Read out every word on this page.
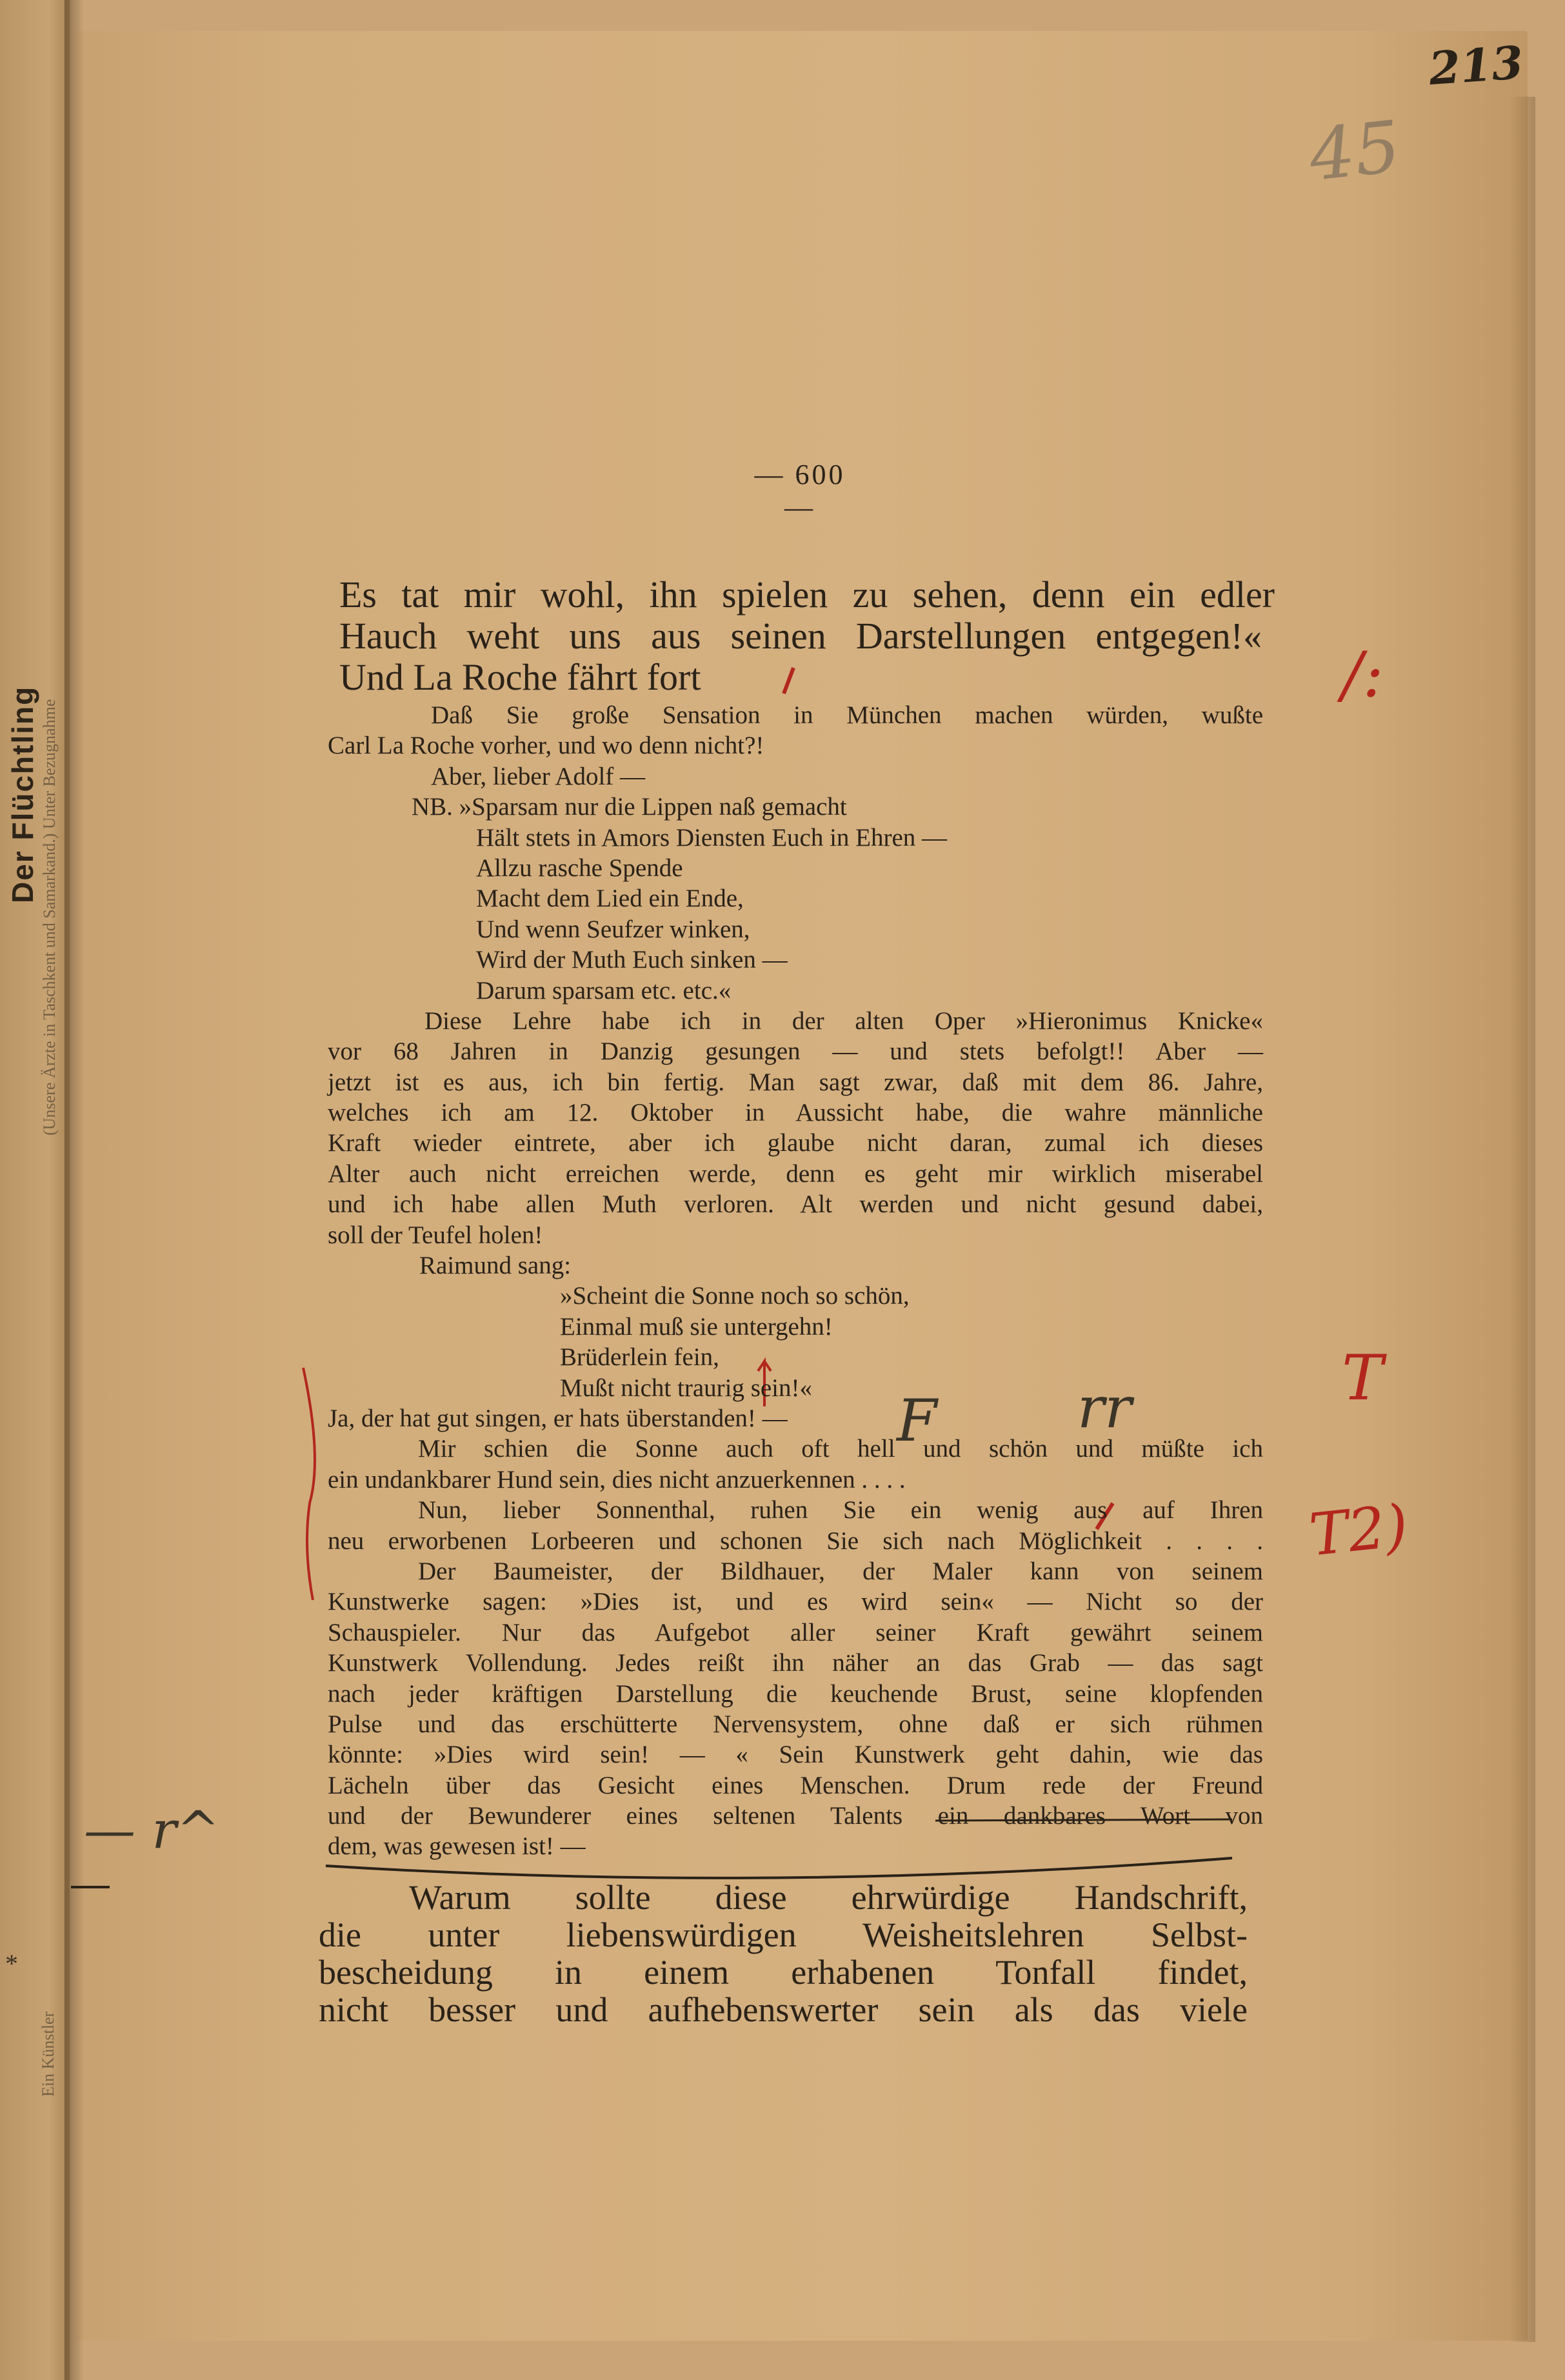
Der Flüchtling (Unsere Ärzte in Taschkent und Samarkand.) Unter Bezugnahme
*
Ein Künstler
213
45
/:
T
T2)
rr
F
— r^
— 600 —
Es tat mir wohl, ihn spielen zu sehen, denn ein edler
Hauch weht uns aus seinen Darstellungen entgegen!«
Und La Roche fährt fort
Daß Sie große Sensation in München machen würden, wußte
Carl La Roche vorher, und wo denn nicht?!
Aber, lieber Adolf —
NB. »Sparsam nur die Lippen naß gemacht
Hält stets in Amors Diensten Euch in Ehren —
Allzu rasche Spende
Macht dem Lied ein Ende,
Und wenn Seufzer winken,
Wird der Muth Euch sinken —
Darum sparsam etc. etc.«
Diese Lehre habe ich in der alten Oper »Hieronimus Knicke«
vor 68 Jahren in Danzig gesungen — und stets befolgt!! Aber —
jetzt ist es aus, ich bin fertig. Man sagt zwar, daß mit dem 86. Jahre,
welches ich am 12. Oktober in Aussicht habe, die wahre männliche
Kraft wieder eintrete, aber ich glaube nicht daran, zumal ich dieses
Alter auch nicht erreichen werde, denn es geht mir wirklich miserabel
und ich habe allen Muth verloren. Alt werden und nicht gesund dabei,
soll der Teufel holen!
Raimund sang:
»Scheint die Sonne noch so schön,
Einmal muß sie untergehn!
Brüderlein fein,
Mußt nicht traurig sein!«
Ja, der hat gut singen, er hats überstanden! —
Mir schien die Sonne auch oft hell und schön und müßte ich
ein undankbarer Hund sein, dies nicht anzuerkennen . . . .
Nun, lieber Sonnenthal, ruhen Sie ein wenig aus auf Ihren
neu erworbenen Lorbeeren und schonen Sie sich nach Möglichkeit . . . .
Der Baumeister, der Bildhauer, der Maler kann von seinem
Kunstwerke sagen: »Dies ist, und es wird sein« — Nicht so der
Schauspieler. Nur das Aufgebot aller seiner Kraft gewährt seinem
Kunstwerk Vollendung. Jedes reißt ihn näher an das Grab — das sagt
nach jeder kräftigen Darstellung die keuchende Brust, seine klopfenden
Pulse und das erschütterte Nervensystem, ohne daß er sich rühmen
könnte: »Dies wird sein! — « Sein Kunstwerk geht dahin, wie das
Lächeln über das Gesicht eines Menschen. Drum rede der Freund
und der Bewunderer eines seltenen Talents ein dankbares Wort von
dem, was gewesen ist! —
Warum sollte diese ehrwürdige Handschrift,
die unter liebenswürdigen Weisheitslehren Selbst-
bescheidung in einem erhabenen Tonfall findet,
nicht besser und aufhebenswerter sein als das viele
